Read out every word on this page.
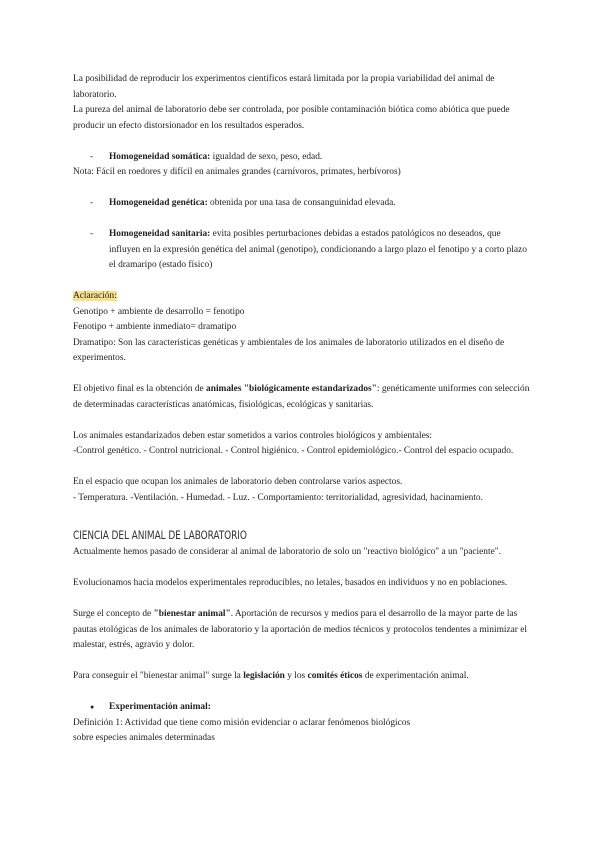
La posibilidad de reproducir los experimentos científicos estará limitada por la propia variabilidad del animal de laboratorio.

La pureza del animal de laboratorio debe ser controlada, por posible contaminación biótica como abiótica que puede producir un efecto distorsionador en los resultados esperados.

- Homogeneidad somática: igualdad de sexo, peso, edad.

Nota: Fácil en roedores y difícil en animales grandes (carnívoros, primates, herbívoros)

- Homogeneidad genética: obtenida por una tasa de consanguinidad elevada.

- Homogeneidad sanitaria: evita posibles perturbaciones debidas a estados patológicos no deseados, que influyen en la expresión genética del animal (genotipo), condicionando a largo plazo el fenotipo y a corto plazo el dramaripo (estado físico)

Aclaración:

Genotipo + ambiente de desarrollo = fenotipo

Fenotipo + ambiente inmediato= dramatipo

Dramatipo: Son las características genéticas y ambientales de los animales de laboratorio utilizados en el diseño de experimentos.

El objetivo final es la obtención de animales "biológicamente estandarizados": genéticamente uniformes con selección de determinadas características anatómicas, fisiológicas, ecológicas y sanitarias.

Los animales estandarizados deben estar sometidos a varios controles biológicos y ambientales:

-Control genético. - Control nutricional. - Control higiénico. - Control epidemiológico.- Control del espacio ocupado.

En el espacio que ocupan los animales de laboratorio deben controlarse varios aspectos.

- Temperatura. -Ventilación. - Humedad. - Luz. - Comportamiento: territorialidad, agresividad, hacinamiento.

CIENCIA DEL ANIMAL DE LABORATORIO

Actualmente hemos pasado de considerar al animal de laboratorio de solo un "reactivo biológico" a un "paciente".

Evolucionamos hacia modelos experimentales reproducibles, no letales, basados en individuos y no en poblaciones.

Surge el concepto de "bienestar animal". Aportación de recursos y medios para el desarrollo de la mayor parte de las pautas etológicas de los animales de laboratorio y la aportación de medios técnicos y protocolos tendentes a minimizar el malestar, estrés, agravio y dolor.

Para conseguir el "bienestar animal" surge la legislación y los comités éticos de experimentación animal.

● Experimentación animal:

Definición 1: Actividad que tiene como misión evidenciar o aclarar fenómenos biológicos

sobre especies animales determinadas
